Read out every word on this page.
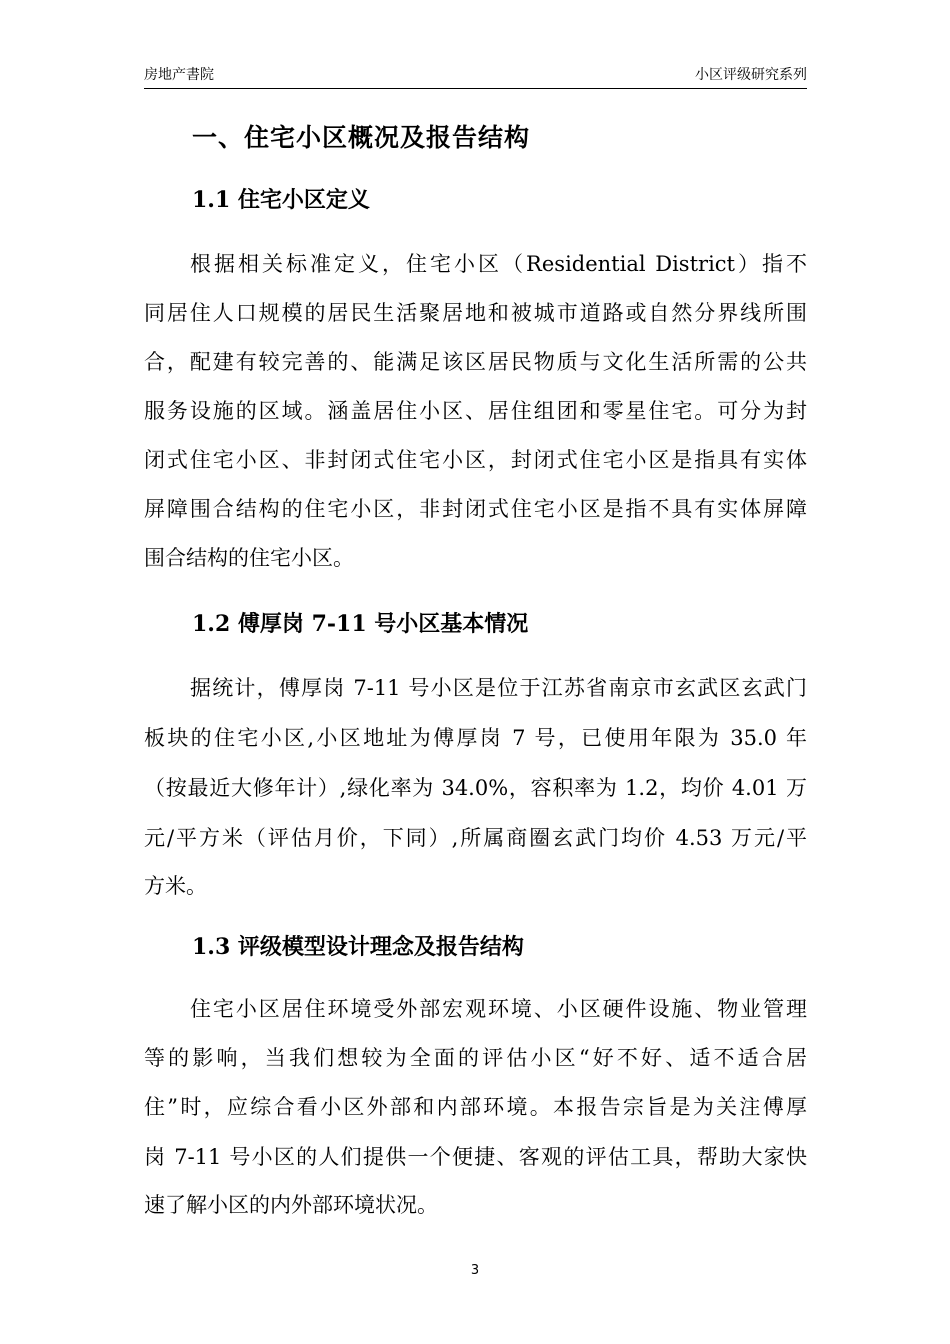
房地产書院	小区评级研究系列
一、住宅小区概况及报告结构
1.1 住宅小区定义
根据相关标准定义，住宅小区（Residential District）指不
同居住人口规模的居民生活聚居地和被城市道路或自然分界线所围
合，配建有较完善的、能满足该区居民物质与文化生活所需的公共
服务设施的区域。涵盖居住小区、居住组团和零星住宅。可分为封
闭式住宅小区、非封闭式住宅小区，封闭式住宅小区是指具有实体
屏障围合结构的住宅小区，非封闭式住宅小区是指不具有实体屏障
围合结构的住宅小区。
1.2 傅厚岗 7-11 号小区基本情况
据统计，傅厚岗 7-11 号小区是位于江苏省南京市玄武区玄武门
板块的住宅小区,小区地址为傅厚岗 7 号，已使用年限为 35.0 年
（按最近大修年计）,绿化率为 34.0%，容积率为 1.2，均价 4.01 万
元/平方米（评估月价，下同）,所属商圈玄武门均价 4.53 万元/平
方米。
1.3 评级模型设计理念及报告结构
住宅小区居住环境受外部宏观环境、小区硬件设施、物业管理
等的影响，当我们想较为全面的评估小区“好不好、适不适合居
住”时，应综合看小区外部和内部环境。本报告宗旨是为关注傅厚
岗 7-11 号小区的人们提供一个便捷、客观的评估工具，帮助大家快
速了解小区的内外部环境状况。
3
